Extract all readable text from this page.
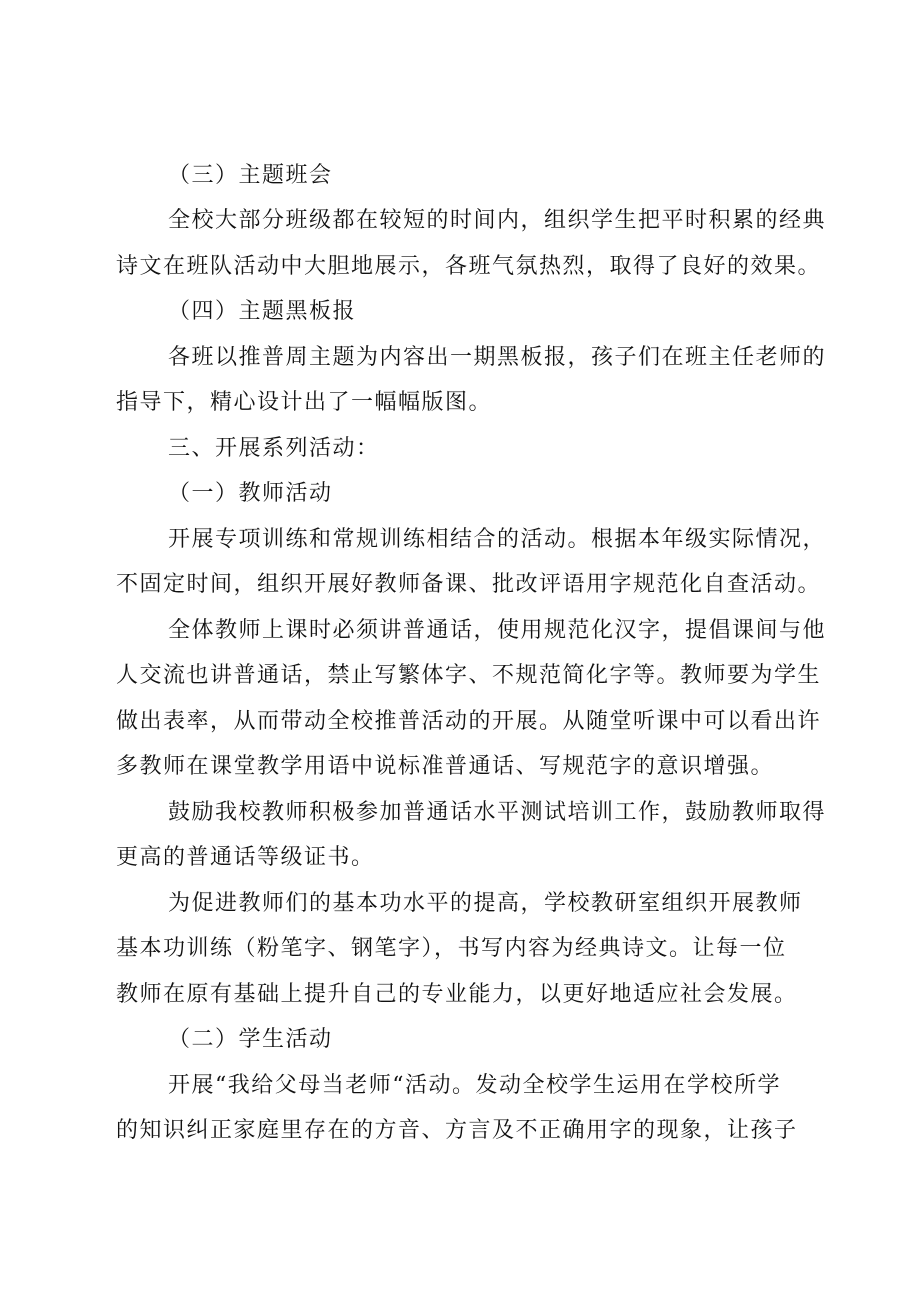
（三）主题班会
全校大部分班级都在较短的时间内，组织学生把平时积累的经典
诗文在班队活动中大胆地展示，各班气氛热烈，取得了良好的效果。
（四）主题黑板报
各班以推普周主题为内容出一期黑板报，孩子们在班主任老师的
指导下，精心设计出了一幅幅版图。
三、开展系列活动：
（一）教师活动
开展专项训练和常规训练相结合的活动。根据本年级实际情况，
不固定时间，组织开展好教师备课、批改评语用字规范化自查活动。
全体教师上课时必须讲普通话，使用规范化汉字，提倡课间与他
人交流也讲普通话，禁止写繁体字、不规范简化字等。教师要为学生
做出表率，从而带动全校推普活动的开展。从随堂听课中可以看出许
多教师在课堂教学用语中说标准普通话、写规范字的意识增强。
鼓励我校教师积极参加普通话水平测试培训工作，鼓励教师取得
更高的普通话等级证书。
为促进教师们的基本功水平的提高，学校教研室组织开展教师
基本功训练（粉笔字、钢笔字），书写内容为经典诗文。让每一位
教师在原有基础上提升自己的专业能力，以更好地适应社会发展。
（二）学生活动
开展“我给父母当老师“活动。发动全校学生运用在学校所学
的知识纠正家庭里存在的方音、方言及不正确用字的现象，让孩子
